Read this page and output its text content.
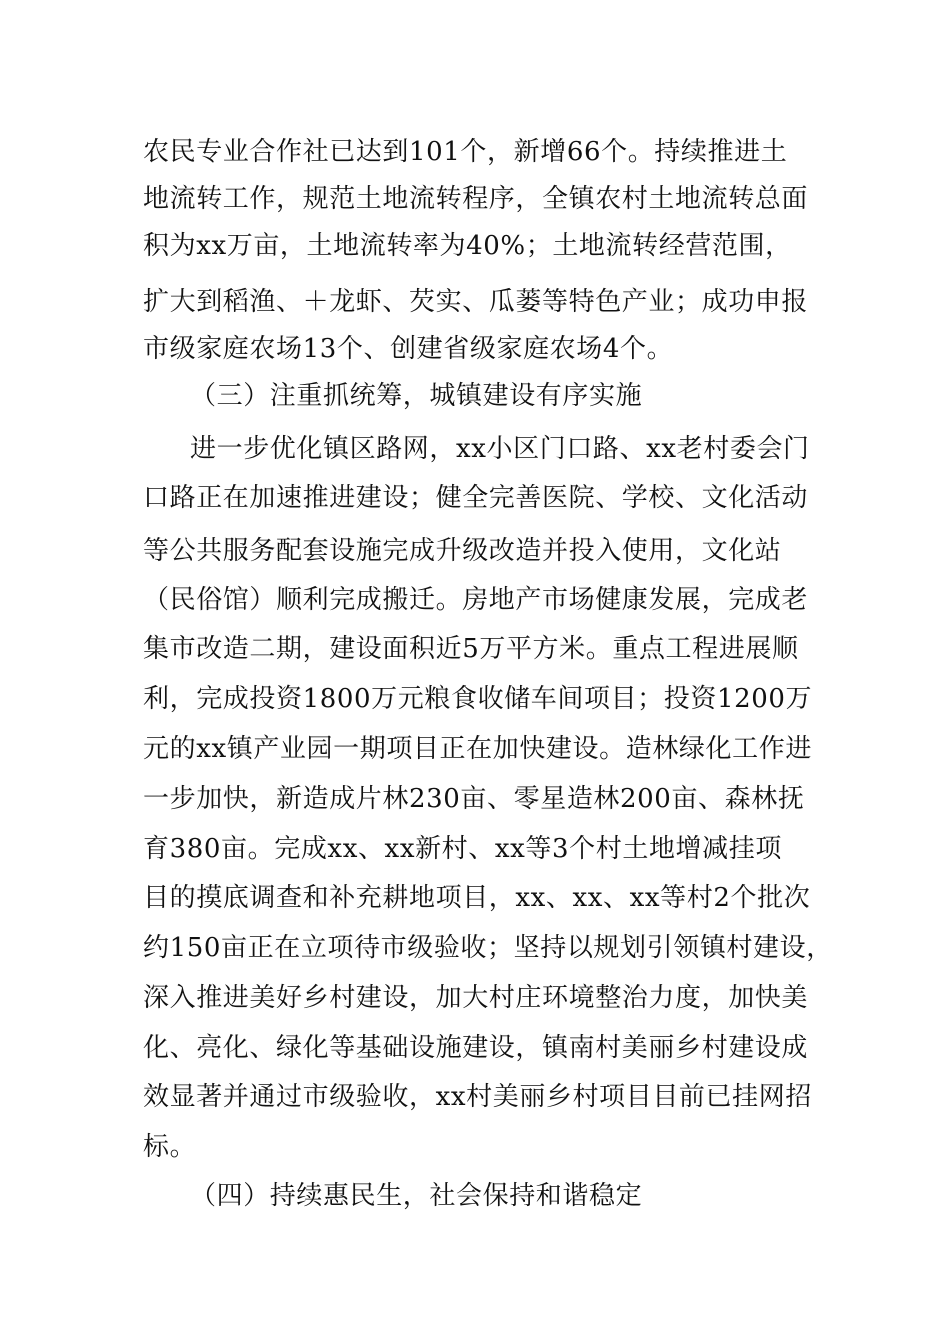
农民专业合作社已达到101个，新增66个。持续推进土
地流转工作，规范土地流转程序，全镇农村土地流转总面
积为xx万亩，土地流转率为40%；土地流转经营范围，
扩大到稻渔、＋龙虾、芡实、瓜蒌等特色产业；成功申报
市级家庭农场13个、创建省级家庭农场4个。
（三）注重抓统筹，城镇建设有序实施
进一步优化镇区路网，xx小区门口路、xx老村委会门
口路正在加速推进建设；健全完善医院、学校、文化活动
等公共服务配套设施完成升级改造并投入使用，文化站
（民俗馆）顺利完成搬迁。房地产市场健康发展，完成老
集市改造二期，建设面积近5万平方米。重点工程进展顺
利，完成投资1800万元粮食收储车间项目；投资1200万
元的xx镇产业园一期项目正在加快建设。造林绿化工作进
一步加快，新造成片林230亩、零星造林200亩、森林抚
育380亩。完成xx、xx新村、xx等3个村土地增减挂项
目的摸底调查和补充耕地项目，xx、xx、xx等村2个批次
约150亩正在立项待市级验收；坚持以规划引领镇村建设，
深入推进美好乡村建设，加大村庄环境整治力度，加快美
化、亮化、绿化等基础设施建设，镇南村美丽乡村建设成
效显著并通过市级验收，xx村美丽乡村项目目前已挂网招
标。
（四）持续惠民生，社会保持和谐稳定
